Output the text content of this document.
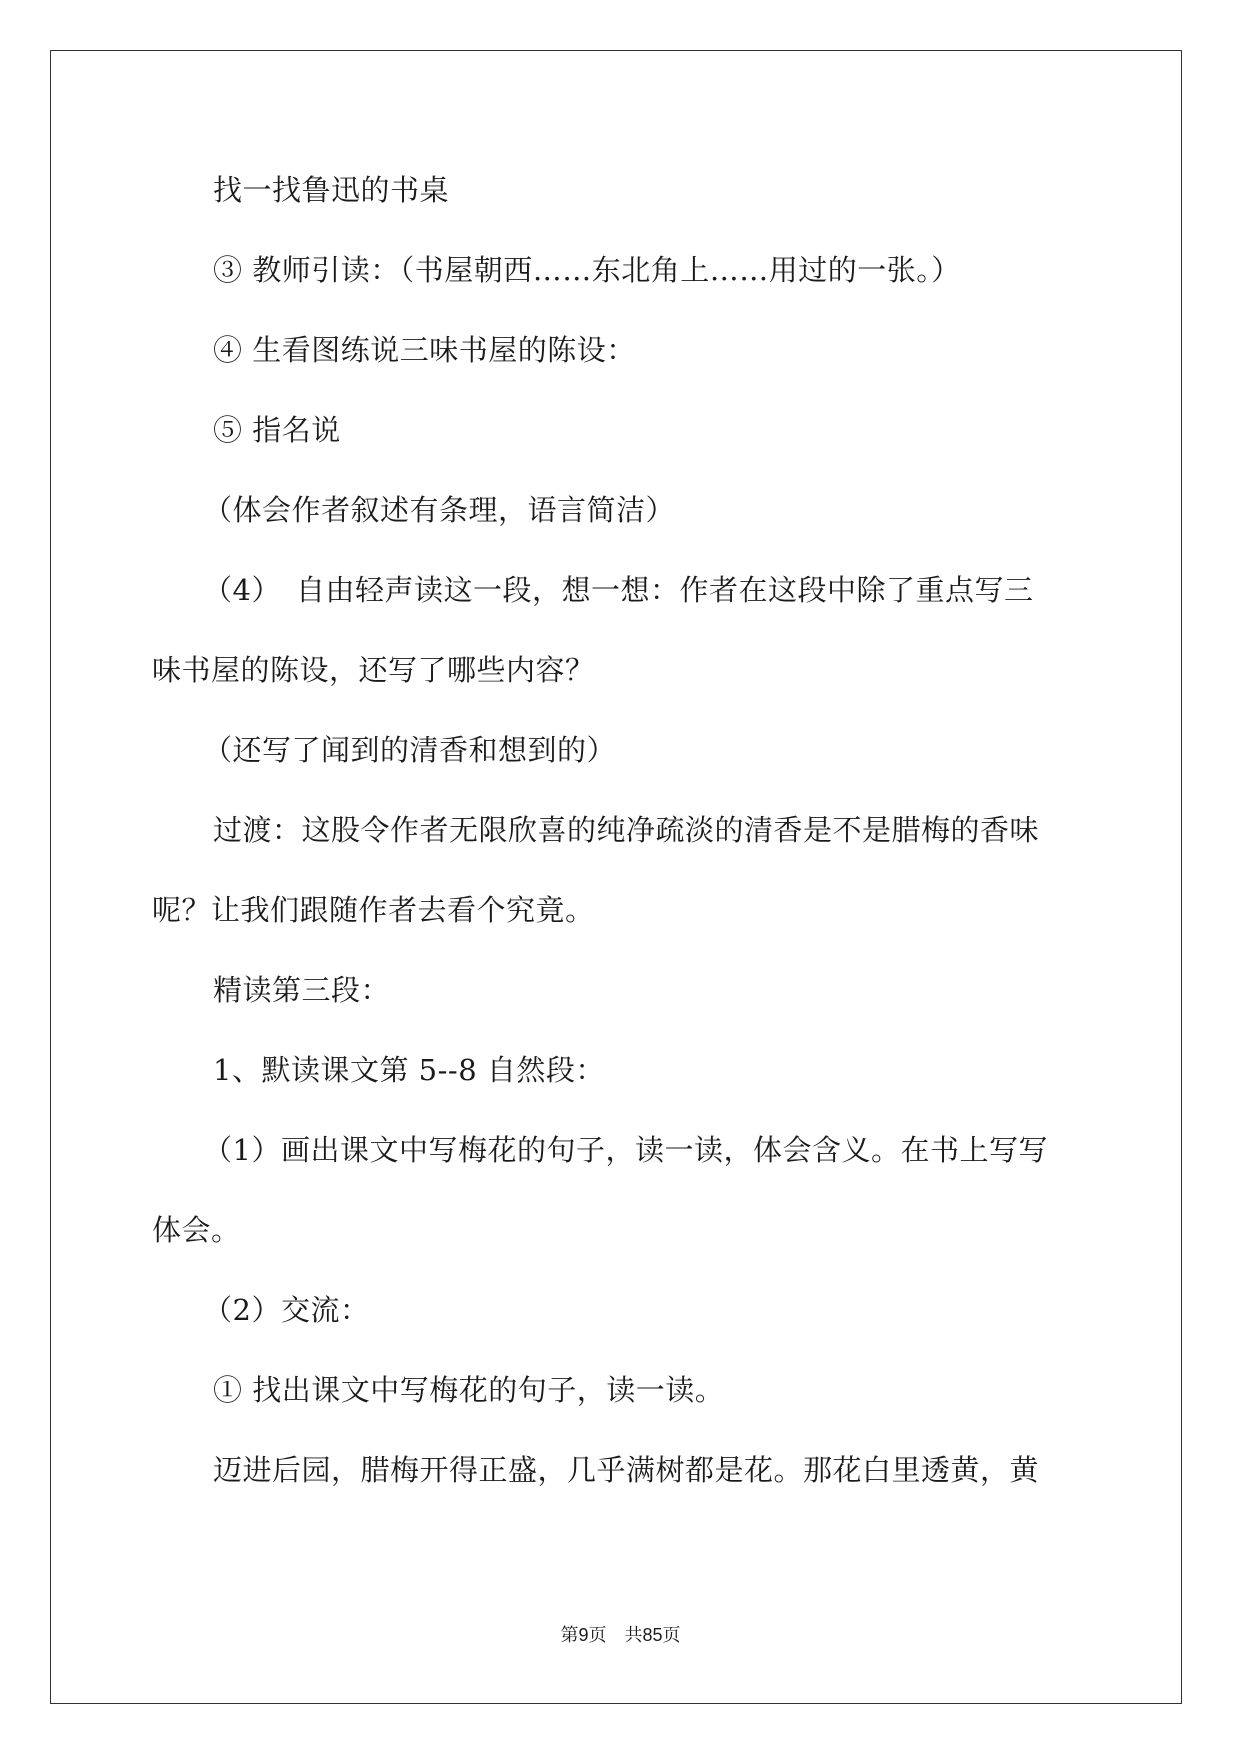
找一找鲁迅的书桌
③ 教师引读：（书屋朝西……东北角上……用过的一张。）
④ 生看图练说三味书屋的陈设：
⑤ 指名说
（体会作者叙述有条理，语言简洁）
（4）　自由轻声读这一段，想一想：作者在这段中除了重点写三
味书屋的陈设，还写了哪些内容？
（还写了闻到的清香和想到的）
过渡：这股令作者无限欣喜的纯净疏淡的清香是不是腊梅的香味
呢？让我们跟随作者去看个究竟。
精读第三段：
1、默读课文第 5--8 自然段：
（1）画出课文中写梅花的句子，读一读，体会含义。在书上写写
体会。
（2）交流：
① 找出课文中写梅花的句子，读一读。
迈进后园，腊梅开得正盛，几乎满树都是花。那花白里透黄，黄
第9页 共85页
